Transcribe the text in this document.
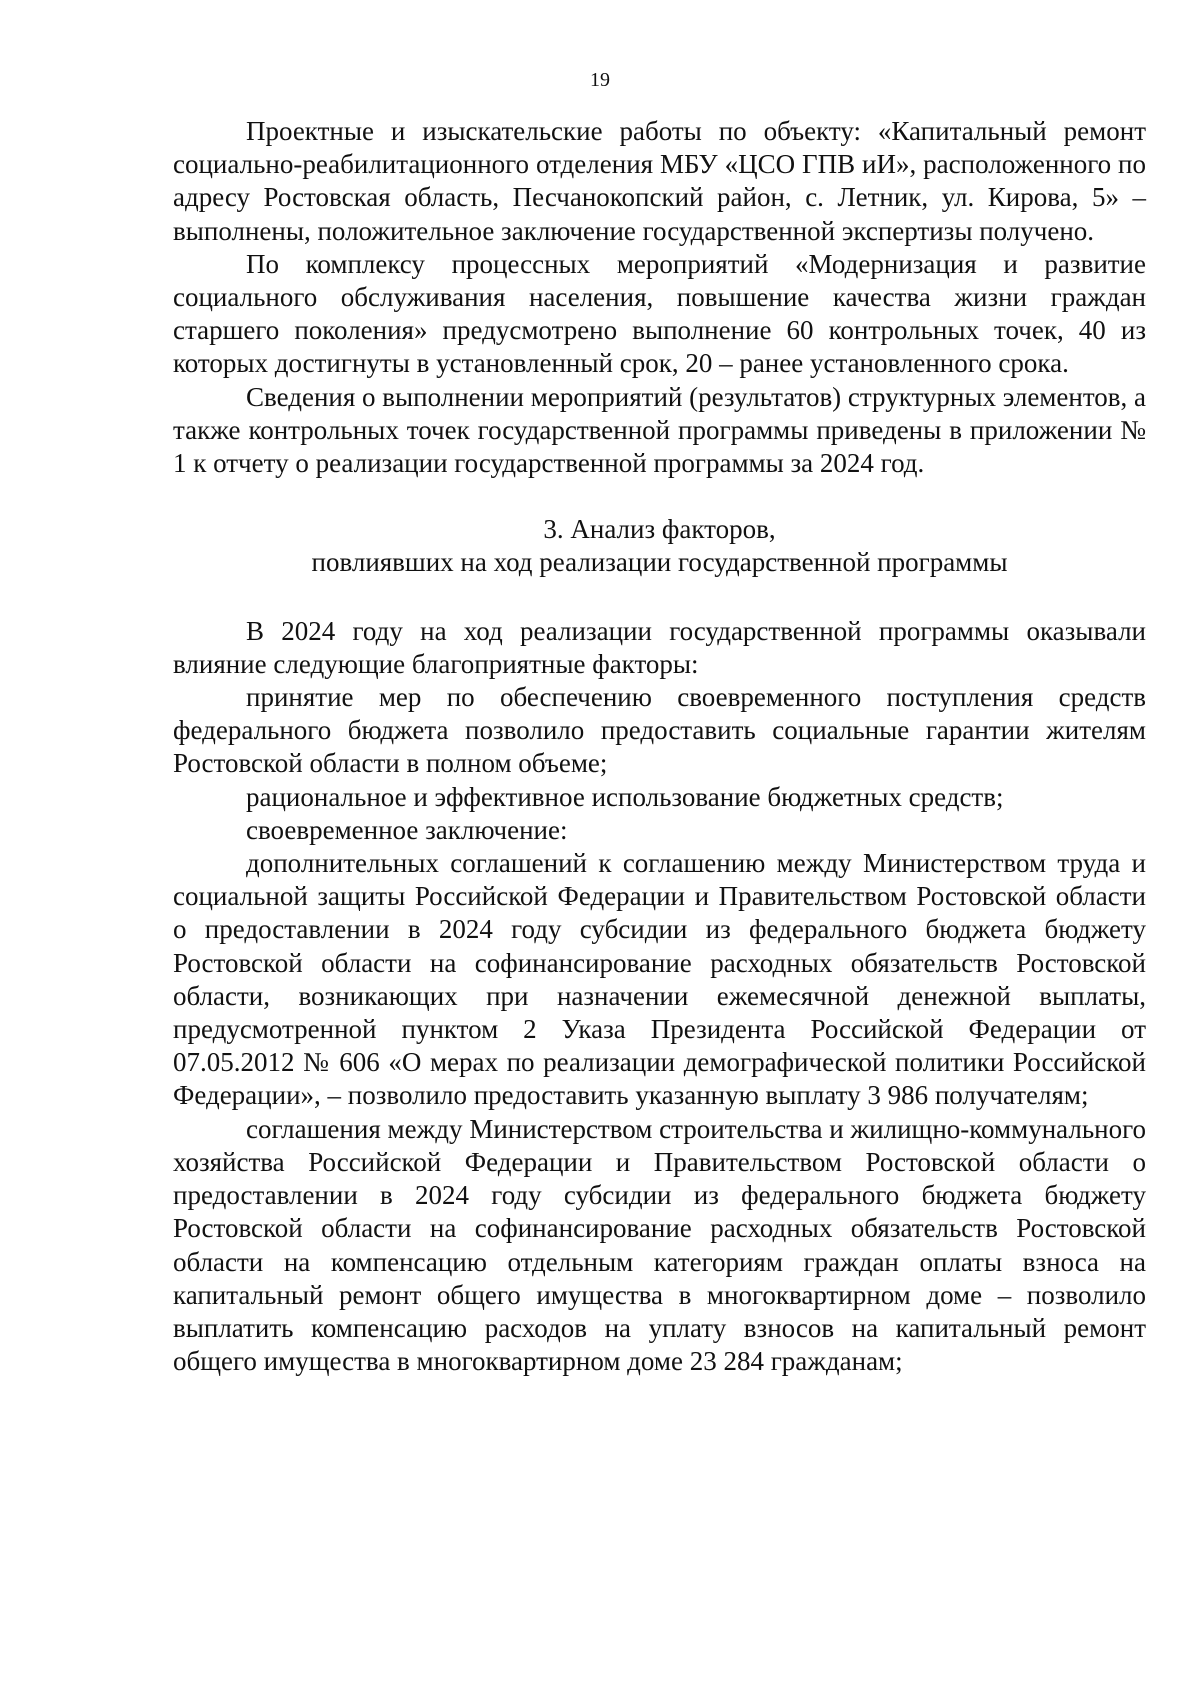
19

Проектные и изыскательские работы по объекту: «Капитальный ремонт социально-реабилитационного отделения МБУ «ЦСО ГПВ иИ», расположенного по адресу Ростовская область, Песчанокопский район, с. Летник, ул. Кирова, 5» – выполнены, положительное заключение государственной экспертизы получено.

По комплексу процессных мероприятий «Модернизация и развитие социального обслуживания населения, повышение качества жизни граждан старшего поколения» предусмотрено выполнение 60 контрольных точек, 40 из которых достигнуты в установленный срок, 20 – ранее установленного срока.

Сведения о выполнении мероприятий (результатов) структурных элементов, а также контрольных точек государственной программы приведены в приложении № 1 к отчету о реализации государственной программы за 2024 год.

3. Анализ факторов,
повлиявших на ход реализации государственной программы

В 2024 году на ход реализации государственной программы оказывали влияние следующие благоприятные факторы:

принятие мер по обеспечению своевременного поступления средств федерального бюджета позволило предоставить социальные гарантии жителям Ростовской области в полном объеме;

рациональное и эффективное использование бюджетных средств;

своевременное заключение:

дополнительных соглашений к соглашению между Министерством труда и социальной защиты Российской Федерации и Правительством Ростовской области о предоставлении в 2024 году субсидии из федерального бюджета бюджету Ростовской области на софинансирование расходных обязательств Ростовской области, возникающих при назначении ежемесячной денежной выплаты, предусмотренной пунктом 2 Указа Президента Российской Федерации от 07.05.2012 № 606 «О мерах по реализации демографической политики Российской Федерации», – позволило предоставить указанную выплату 3 986 получателям;

соглашения между Министерством строительства и жилищно-коммунального хозяйства Российской Федерации и Правительством Ростовской области о предоставлении в 2024 году субсидии из федерального бюджета бюджету Ростовской области на софинансирование расходных обязательств Ростовской области на компенсацию отдельным категориям граждан оплаты взноса на капитальный ремонт общего имущества в многоквартирном доме – позволило выплатить компенсацию расходов на уплату взносов на капитальный ремонт общего имущества в многоквартирном доме 23 284 гражданам;
